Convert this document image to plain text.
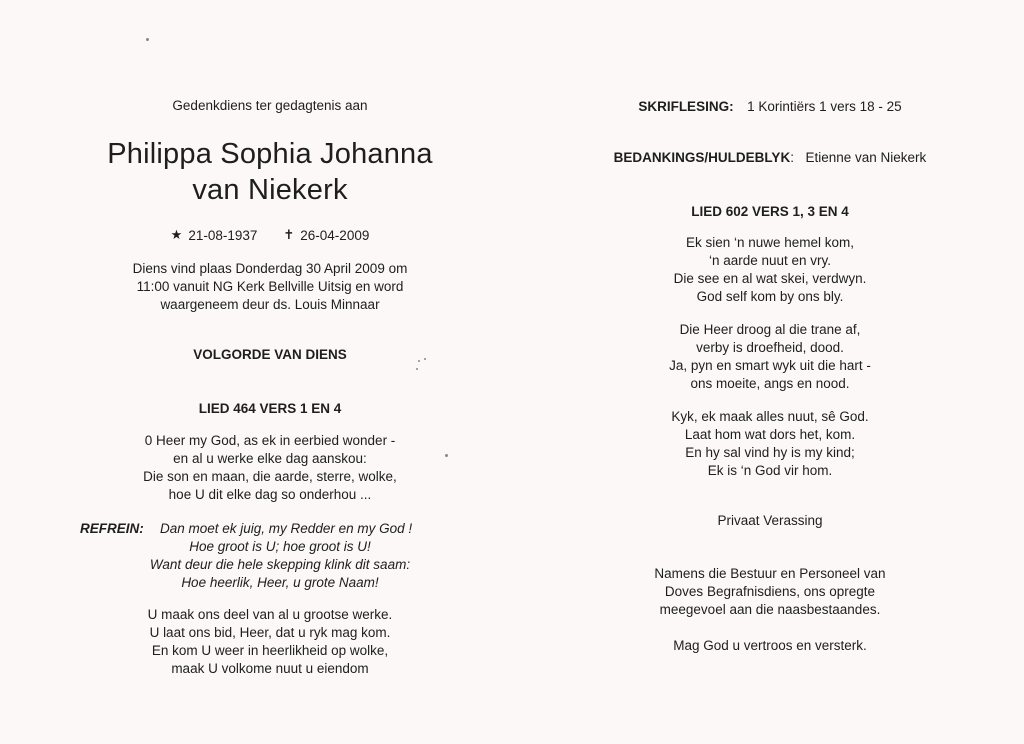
Gedenkdiens ter gedagtenis aan
Philippa Sophia Johanna
van Niekerk
★ 21-08-1937 ✝ 26-04-2009
Diens vind plaas Donderdag 30 April 2009 om
11:00 vanuit NG Kerk Bellville Uitsig en word
waargeneem deur ds. Louis Minnaar
VOLGORDE VAN DIENS
LIED 464 VERS 1 EN 4
0 Heer my God, as ek in eerbied wonder -
en al u werke elke dag aanskou:
Die son en maan, die aarde, sterre, wolke,
hoe U dit elke dag so onderhou ...
REFREIN: Dan moet ek juig, my Redder en my God !
Hoe groot is U; hoe groot is U!
Want deur die hele skepping klink dit saam:
Hoe heerlik, Heer, u grote Naam!
U maak ons deel van al u grootse werke.
U laat ons bid, Heer, dat u ryk mag kom.
En kom U weer in heerlikheid op wolke,
maak U volkome nuut u eiendom
SKRIFLESING: 1 Korintiërs 1 vers 18 - 25
BEDANKINGS/HULDEBLYK: Etienne van Niekerk
LIED 602 VERS 1, 3 EN 4
Ek sien ‘n nuwe hemel kom,
‘n aarde nuut en vry.
Die see en al wat skei, verdwyn.
God self kom by ons bly.
Die Heer droog al die trane af,
verby is droefheid, dood.
Ja, pyn en smart wyk uit die hart -
ons moeite, angs en nood.
Kyk, ek maak alles nuut, sê God.
Laat hom wat dors het, kom.
En hy sal vind hy is my kind;
Ek is ‘n God vir hom.
Privaat Verassing
Namens die Bestuur en Personeel van
Doves Begrafnisdiens, ons opregte
meegevoel aan die naasbestaandes.
Mag God u vertroos en versterk.
